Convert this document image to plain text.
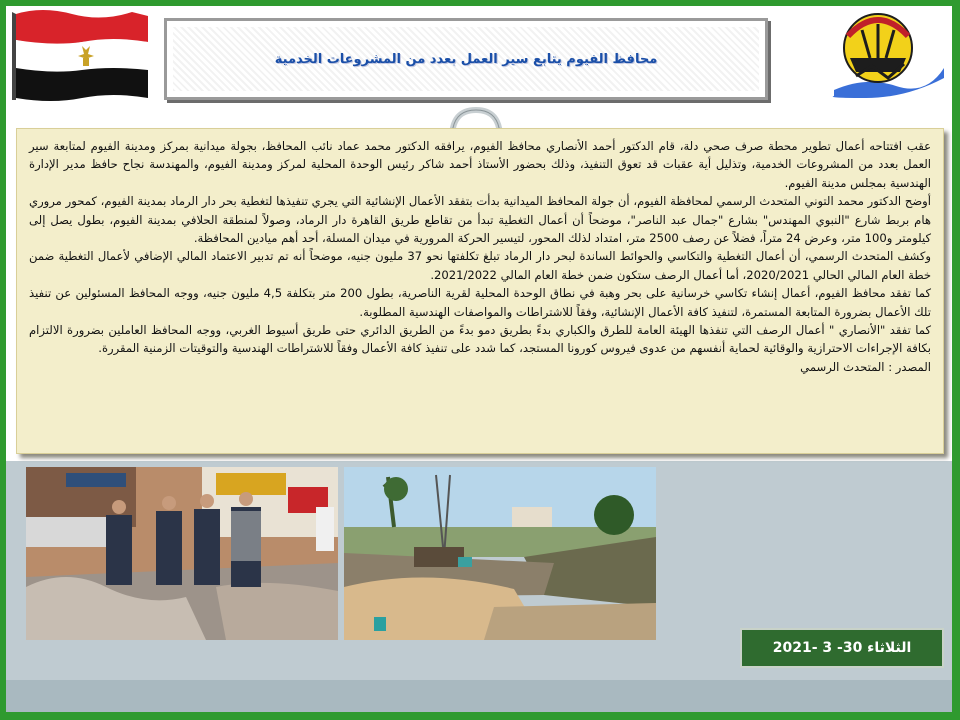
محافظ الفيوم يتابع سير العمل بعدد من المشروعات الخدمية

عقب افتتاحه أعمال تطوير محطة صرف صحي دلة، قام الدكتور أحمد الأنصاري محافظ الفيوم، يرافقه الدكتور محمد عماد نائب المحافظ، بجولة ميدانية بمركز ومدينة الفيوم لمتابعة سير العمل بعدد من المشروعات الخدمية، وتذليل أية عقبات قد تعوق التنفيذ، وذلك بحضور الأستاذ أحمد شاكر رئيس الوحدة المحلية لمركز ومدينة الفيوم، والمهندسة نجاح حافظ مدير الإدارة الهندسية بمجلس مدينة الفيوم.

أوضح الدكتور محمد التوني المتحدث الرسمي لمحافظة الفيوم، أن جولة المحافظ الميدانية بدأت بتفقد الأعمال الإنشائية التي يجري تنفيذها لتغطية بحر دار الرماد بمدينة الفيوم، كمحور مروري هام بربط شارع "النبوي المهندس" بشارع "جمال عبد الناصر"، موضحاً أن أعمال التغطية تبدأ من تقاطع طريق القاهرة دار الرماد، وصولاً لمنطقة الحلافي بمدينة الفيوم، بطول يصل إلى كيلومتر و100 متر، وعرض 24 متراً، فضلاً عن رصف 2500 متر، امتداد لذلك المحور، لتيسير الحركة المرورية في ميدان المسلة، أحد أهم ميادين المحافظة.

وكشف المتحدث الرسمي، أن أعمال التغطية والتكاسي والحوائط الساندة لبحر دار الرماد تبلغ تكلفتها نحو 37 مليون جنيه، موضحاً أنه تم تدبير الاعتماد المالي الإضافي لأعمال التغطية ضمن خطة العام المالي الحالي 2020/2021، أما أعمال الرصف ستكون ضمن خطة العام المالي 2021/2022.

كما تفقد محافظ الفيوم، أعمال إنشاء تكاسي خرسانية على بحر وهبة في نطاق الوحدة المحلية لقرية الناصرية، بطول 200 متر بتكلفة 4,5 مليون جنيه، ووجه المحافظ المسئولين عن تنفيذ تلك الأعمال بضرورة المتابعة المستمرة، لتنفيذ كافة الأعمال الإنشائية، وفقاً للاشتراطات والمواصفات الهندسية المطلوبة.

كما تفقد "الأنصاري " أعمال الرصف التي تنفذها الهيئة العامة للطرق والكباري بدءً بطريق دمو بدءً من الطريق الدائري حتى طريق أسيوط الغربي، ووجه المحافظ العاملين بضرورة الالتزام بكافة الإجراءات الاحترازية والوقائية لحماية أنفسهم من عدوى فيروس كورونا المستجد، كما شدد على تنفيذ كافة الأعمال وفقاً للاشتراطات الهندسية والتوقيتات الزمنية المقررة.

المصدر : المتحدث الرسمي

الثلاثاء 30- 3 -2021
